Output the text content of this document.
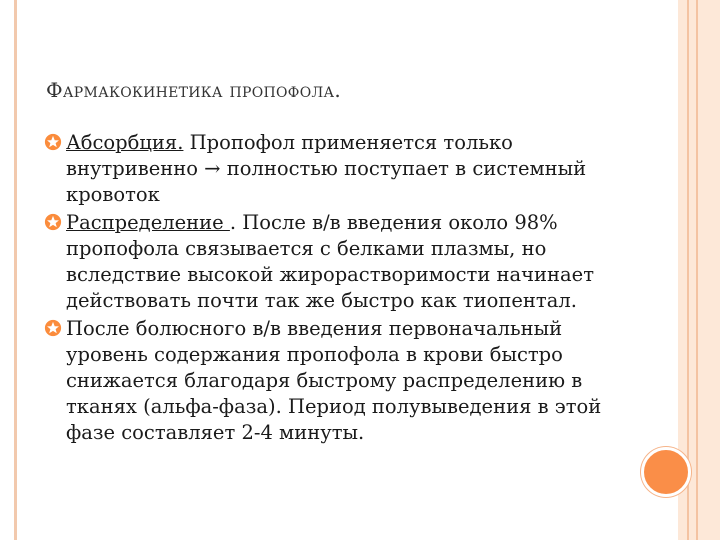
Фармакокинетика пропофола.
Абсорбция. Пропофол применяется только внутривенно → полностью поступает в системный кровоток
Распределение . После в/в введения около 98% пропофола связывается с белками плазмы, но вследствие высокой жирорастворимости начинает действовать почти так же быстро как тиопентал.
После болюсного в/в введения первоначальный уровень содержания пропофола в крови быстро снижается благодаря быстрому распределению в тканях (альфа-фаза). Период полувыведения в этой фазе составляет 2-4 минуты.
